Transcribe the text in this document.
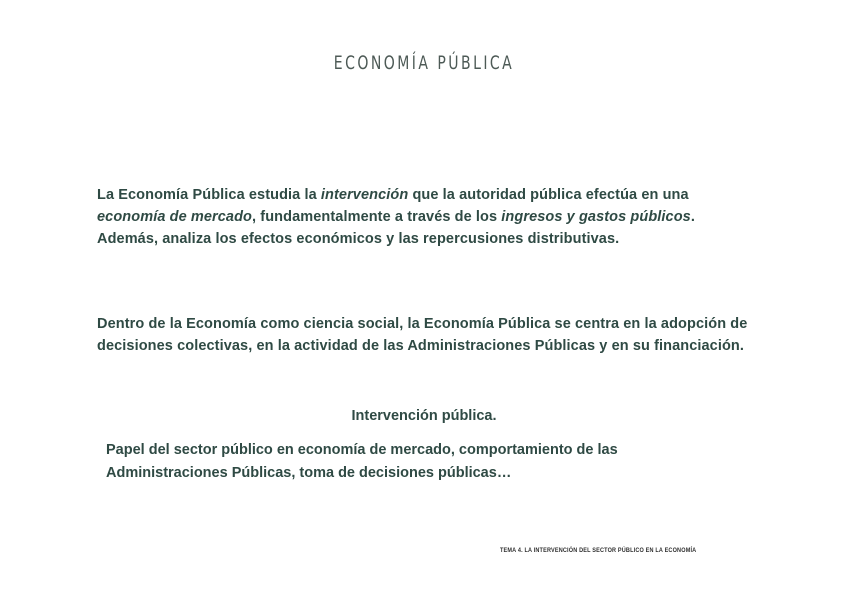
ECONOMÍA PÚBLICA
La Economía Pública estudia la intervención que la autoridad pública efectúa en una
economía de mercado, fundamentalmente a través de los ingresos y gastos públicos. Además, analiza los efectos económicos y las repercusiones distributivas.
Dentro de la Economía como ciencia social, la Economía Pública se centra en la adopción de decisiones colectivas, en la actividad de las Administraciones Públicas y en su financiación.
Intervención pública.
Papel del sector público en economía de mercado, comportamiento de las Administraciones Públicas, toma de decisiones públicas…
TEMA 4. LA INTERVENCIÓN DEL SECTOR PÚBLICO EN LA ECONOMÍA
